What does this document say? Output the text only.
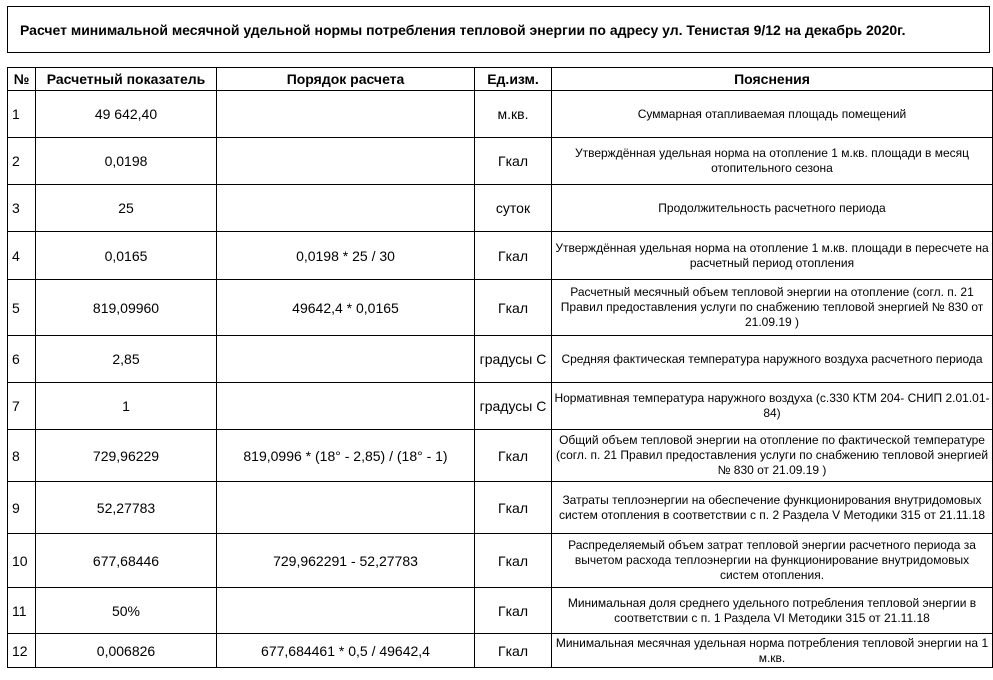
Расчет минимальной месячной удельной нормы потребления тепловой энергии по адресу ул. Тенистая 9/12 на декабрь 2020г.
№	Расчетный показатель	Порядок расчета	Ед.изм.	Пояснения
1	49 642,40		м.кв.	Суммарная отапливаемая площадь помещений
2	0,0198		Гкал	Утверждённая удельная норма на отопление 1 м.кв. площади в месяц отопительного сезона
3	25		суток	Продолжительность расчетного периода
4	0,0165	0,0198 * 25 / 30	Гкал	Утверждённая удельная норма на отопление 1 м.кв. площади в пересчете на расчетный период отопления
5	819,09960	49642,4 * 0,0165	Гкал	Расчетный месячный объем тепловой энергии на отопление (согл. п. 21 Правил предоставления услуги по снабжению тепловой энергией № 830 от 21.09.19 )
6	2,85		градусы С	Средняя фактическая температура наружного воздуха расчетного периода
7	1		градусы С	Нормативная температура наружного воздуха (с.330 КТМ 204- СНИП 2.01.01-84)
8	729,96229	819,0996 * (18° - 2,85) / (18° - 1)	Гкал	Общий объем тепловой энергии на отопление по фактической температуре (согл. п. 21 Правил предоставления услуги по снабжению тепловой энергией № 830 от 21.09.19 )
9	52,27783		Гкал	Затраты теплоэнергии на обеспечение функционирования внутридомовых систем отопления в соответствии с п. 2 Раздела V Методики 315 от 21.11.18
10	677,68446	729,962291 - 52,27783	Гкал	Распределяемый объем затрат тепловой энергии расчетного периода за вычетом расхода теплоэнергии на функционирование внутридомовых систем отопления.
11	50%		Гкал	Минимальная доля среднего удельного потребления тепловой энергии в соответствии с п. 1 Раздела VI Методики 315 от 21.11.18
12	0,006826	677,684461 * 0,5 / 49642,4	Гкал	Минимальная месячная удельная норма потребления тепловой энергии на 1 м.кв.
